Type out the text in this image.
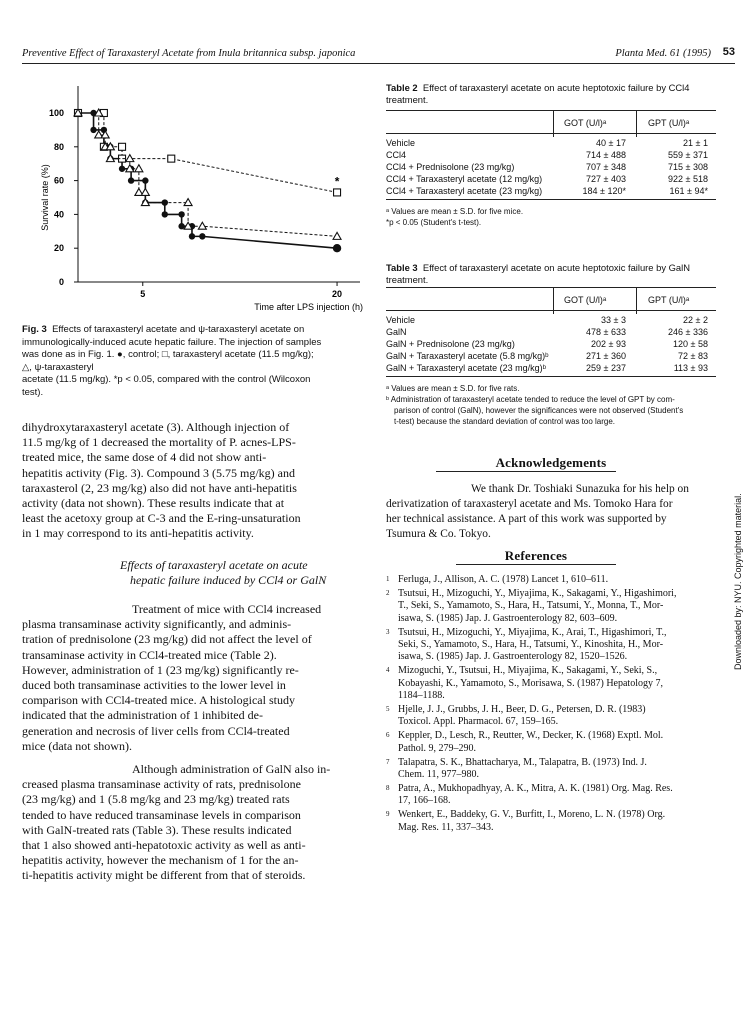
Preventive Effect of Taraxasteryl Acetate from Inula britannica subsp. japonica	Planta Med. 61 (1995) 53
100
80
60
40
20
0
5	20
Survival rate (%)
Time after LPS injection (h)
*
Fig. 3 Effects of taraxasteryl acetate and ψ-taraxasteryl acetate on
immunologically-induced acute hepatic failure. The injection of samples
was done as in Fig. 1. ●, control; □, taraxasteryl acetate (11.5 mg/kg);
△, ψ-taraxasteryl
acetate (11.5 mg/kg). *p < 0.05, compared with the control (Wilcoxon
test).
dihydroxytaraxasteryl acetate (3). Although injection of
11.5 mg/kg of 1 decreased the mortality of P. acnes-LPS-
treated mice, the same dose of 4 did not show anti-
hepatitis activity (Fig. 3). Compound 3 (5.75 mg/kg) and
taraxasterol (2, 23 mg/kg) also did not have anti-hepatitis
activity (data not shown). These results indicate that at
least the acetoxy group at C-3 and the E-ring-unsaturation
in 1 may correspond to its anti-hepatitis activity.
Effects of taraxasteryl acetate on acute
hepatic failure induced by CCl4 or GalN
Treatment of mice with CCl4 increased
plasma transaminase activity significantly, and adminis-
tration of prednisolone (23 mg/kg) did not affect the level of
transaminase activity in CCl4-treated mice (Table 2).
However, administration of 1 (23 mg/kg) significantly re-
duced both transaminase activities to the lower level in
comparison with CCl4-treated mice. A histological study
indicated that the administration of 1 inhibited de-
generation and necrosis of liver cells from CCl4-treated
mice (data not shown).
Although administration of GalN also in-
creased plasma transaminase activity of rats, prednisolone
(23 mg/kg) and 1 (5.8 mg/kg and 23 mg/kg) treated rats
tended to have reduced transaminase levels in comparison
with GalN-treated rats (Table 3). These results indicated
that 1 also showed anti-hepatotoxic activity as well as anti-
hepatitis activity, however the mechanism of 1 for the an-
ti-hepatitis activity might be different from that of steroids.
Table 2 Effect of taraxasteryl acetate on acute heptotoxic failure by CCl4
treatment.
GOT (U/l)ᵃ	GPT (U/l)ᵃ
Vehicle	40 ± 17	21 ± 1
CCl4	714 ± 488	559 ± 371
CCl4 + Prednisolone (23 mg/kg)	707 ± 348	715 ± 308
CCl4 + Taraxasteryl acetate (12 mg/kg)	727 ± 403	922 ± 518
CCl4 + Taraxasteryl acetate (23 mg/kg)	184 ± 120*	161 ± 94*
ᵃ Values are mean ± S.D. for five mice.
*p < 0.05 (Student's t-test).
Table 3 Effect of taraxasteryl acetate on acute heptotoxic failure by GalN
treatment.
GOT (U/l)ᵃ	GPT (U/l)ᵃ
Vehicle	33 ± 3	22 ± 2
GalN	478 ± 633	246 ± 336
GalN + Prednisolone (23 mg/kg)	202 ± 93	120 ± 58
GalN + Taraxasteryl acetate (5.8 mg/kg)ᵇ	271 ± 360	72 ± 83
GalN + Taraxasteryl acetate (23 mg/kg)ᵇ	259 ± 237	113 ± 93
ᵃ Values are mean ± S.D. for five rats.
ᵇ Administration of taraxasteryl acetate tended to reduce the level of GPT by com-
parison of control (GalN), however the significances were not observed (Student's
t-test) because the standard deviation of control was too large.
Acknowledgements
We thank Dr. Toshiaki Sunazuka for his help on
derivatization of taraxasteryl acetate and Ms. Tomoko Hara for
her technical assistance. A part of this work was supported by
Tsumura & Co. Tokyo.
References
1 Ferluga, J., Allison, A. C. (1978) Lancet 1, 610–611.
2 Tsutsui, H., Mizoguchi, Y., Miyajima, K., Sakagami, Y., Higashimori,
T., Seki, S., Yamamoto, S., Hara, H., Tatsumi, Y., Monna, T., Mor-
isawa, S. (1985) Jap. J. Gastroenterology 82, 603–609.
3 Tsutsui, H., Mizoguchi, Y., Miyajima, K., Arai, T., Higashimori, T.,
Seki, S., Yamamoto, S., Hara, H., Tatsumi, Y., Kinoshita, H., Mor-
isawa, S. (1985) Jap. J. Gastroenterology 82, 1520–1526.
4 Mizoguchi, Y., Tsutsui, H., Miyajima, K., Sakagami, Y., Seki, S.,
Kobayashi, K., Yamamoto, S., Morisawa, S. (1987) Hepatology 7,
1184–1188.
5 Hjelle, J. J., Grubbs, J. H., Beer, D. G., Petersen, D. R. (1983)
Toxicol. Appl. Pharmacol. 67, 159–165.
6 Keppler, D., Lesch, R., Reutter, W., Decker, K. (1968) Exptl. Mol.
Pathol. 9, 279–290.
7 Talapatra, S. K., Bhattacharya, M., Talapatra, B. (1973) Ind. J.
Chem. 11, 977–980.
8 Patra, A., Mukhopadhyay, A. K., Mitra, A. K. (1981) Org. Mag. Res.
17, 166–168.
9 Wenkert, E., Baddeky, G. V., Burfitt, I., Moreno, L. N. (1978) Org.
Mag. Res. 11, 337–343.
Downloaded by: NYU. Copyrighted material.
